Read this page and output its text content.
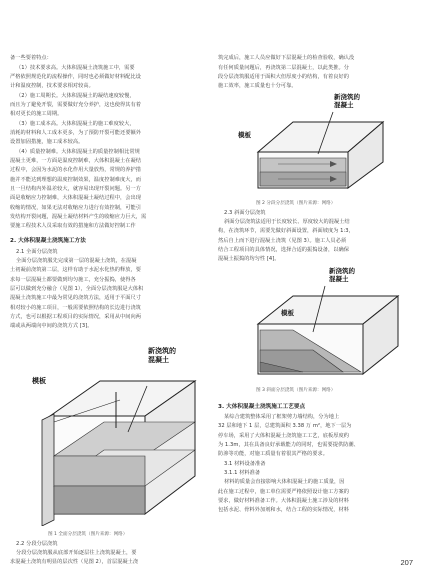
备一些要着特点：
（1）技术要求高。大体积混凝土浇筑施工中，需要
严格依照规范化的流程操作，同时也必须做好材料配比设
计和温度控制，技术要求相对较高。
（2）施工周期长。大体积混凝土的凝结速度较慢，
而且为了避免开裂，需要做好充分养护，这也使得其有着
相对更长的施工周期。
（3）施工成本高。大体积混凝土的施工难度较大，
消耗的材料和人工成本更多，为了预防开裂可能还要额外
设置加固措施，施工成本较高。
（4）质量控制难。大体积混凝土的质量控制相比常规
混凝土更难，一方面是温度控制难，大体积混凝土在凝结
过程中，会因为水泥的水化作用大量放热，常规的养护措
施并不能达到理想的温度控制效果，温度控制难度大，而
且一旦结构内外温差较大，就容易出现开裂问题。另一方
面是收缩应力控制难，大体积混凝土凝结过程中，会出现
收缩的情况，如果无法对收缩应力进行有效控制，可能引
发结构开裂问题，混凝土凝结材料产生的收缩应力巨大，需
要施工程技术人员采取有效的措施和方法做好控制工作
2. 大体积混凝土浇筑施工方法
2.1 全面分层浇筑
全面分层浇筑服先完成第一层的混凝土浇筑，在混凝
土初凝前浇筑第二层，这样有助于水泥水化热的释放，要
求每一层混凝土都要做到均匀施工，充分振捣，使得各
层可以做到充分融合（见图 1），全面分层浇筑服是大体积
混凝土浇筑施工中最为常见的浇筑方法，适用于平面尺寸
相对较小的施工项目，一般需要依照结构的长边进行浇筑
方式，也可以根据工程项目的实际情况，采用从中间向两
端或从两端向中间的浇筑方式 [3]。
模板
新浇筑的
混凝土
图 1 全面分层浇筑（图片来源：网络）
2.2 分段分层浇筑
分段分层浇筑服从底部开始逐层往上浇筑混凝土，要
求混凝土浇筑有明显的层次性（见图 2），首层混凝土浇
筑完成后，施工人员应做好下层混凝土的检查验收，确认没
有任何质量问题后，再浇筑第二层混凝土，以此类推。分
段分层浇筑服适用于面积大但厚度小的结构，有着良好的
施工效率，施工质量也十分可靠。
模板
新浇筑的
混凝土
图 2 分段分层浇筑（图片来源：网络）
2.3 斜面分层浇筑
斜面分层浇筑法适用于长度较长、厚度较大的混凝土结
构，在浇筑环节，需要先做好斜面设置，斜面坡度为 1:3，
然后自上而下进行混凝土浇筑（见图 3）。施工人员必须
结合工程项目的具体情况，选择合适的振捣设备，以确保
混凝土振捣的均匀性 [4]。
模板
新浇筑的
混凝土
图 3 斜面分层浇筑（图片来源：网络）
3. 大体积混凝土浇筑施工工艺要点
某综合建筑整体采用了框架剪力墙结构，分为地上
32 层和地下 1 层，总建筑面积 3.38 万 m²，地下一层为
停车场，采用了大体积混凝土浇筑施工工艺，底板厚度约
为 1.3m，其在具备良好承载能力的同时，也需要提供防潮、
防渗等功能，对施工质量有着很其严格的要求。
3.1 材料设备准备
3.1.1 材料准备
材料的质量会直接影响大体积混凝土的施工质量，因
此在施工过程中，施工单位需要严格依照设计施工方案的
要求，做好材料准备工作。大体积混凝土施工涉及的材料
包括水泥、骨料外加剂和水，结合工程的实际情况，材料
207
